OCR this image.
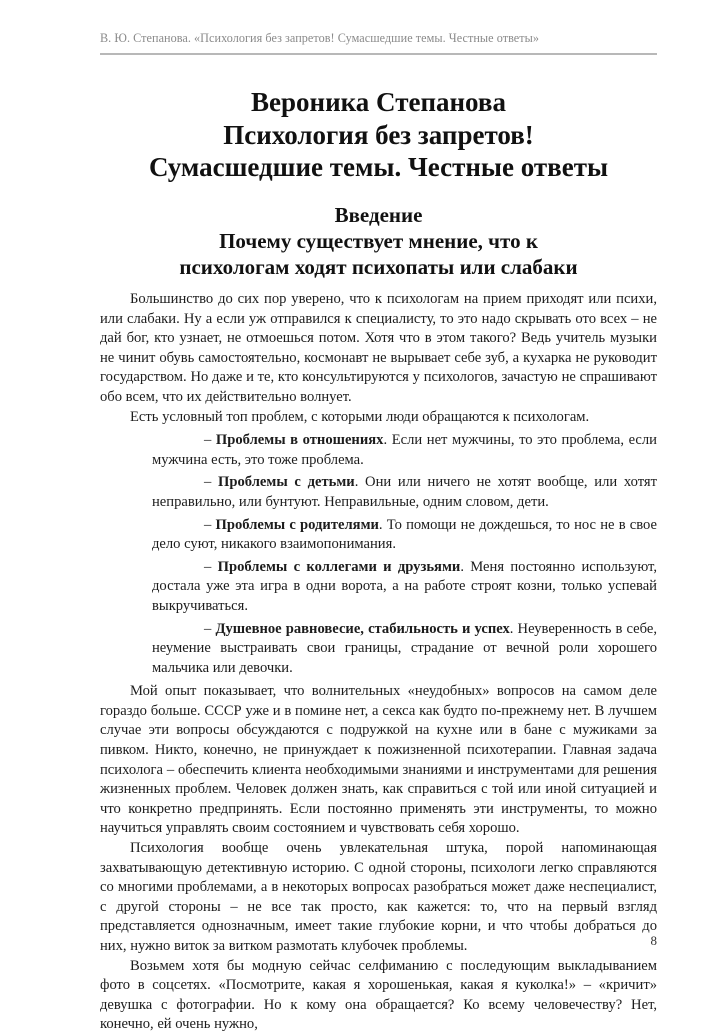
В. Ю. Степанова. «Психология без запретов! Сумасшедшие темы. Честные ответы»
Вероника Степанова
Психология без запретов!
Сумасшедшие темы. Честные ответы
Введение
Почему существует мнение, что к
психологам ходят психопаты или слабаки

Большинство до сих пор уверено, что к психологам на прием приходят или психи, или слабаки. Ну а если уж отправился к специалисту, то это надо скрывать ото всех – не дай бог, кто узнает, не отмоешься потом. Хотя что в этом такого? Ведь учитель музыки не чинит обувь самостоятельно, космонавт не вырывает себе зуб, а кухарка не руководит государством. Но даже и те, кто консультируются у психологов, зачастую не спрашивают обо всем, что их действительно волнует.

Есть условный топ проблем, с которыми люди обращаются к психологам.

– Проблемы в отношениях. Если нет мужчины, то это проблема, если мужчина есть, это тоже проблема.

– Проблемы с детьми. Они или ничего не хотят вообще, или хотят неправильно, или бунтуют. Неправильные, одним словом, дети.

– Проблемы с родителями. То помощи не дождешься, то нос не в свое дело суют, никакого взаимопонимания.

– Проблемы с коллегами и друзьями. Меня постоянно используют, достала уже эта игра в одни ворота, а на работе строят козни, только успевай выкручиваться.

– Душевное равновесие, стабильность и успех. Неуверенность в себе, неумение выстраивать свои границы, страдание от вечной роли хорошего мальчика или девочки.

Мой опыт показывает, что волнительных «неудобных» вопросов на самом деле гораздо больше. СССР уже и в помине нет, а секса как будто по-прежнему нет. В лучшем случае эти вопросы обсуждаются с подружкой на кухне или в бане с мужиками за пивком. Никто, конечно, не принуждает к пожизненной психотерапии. Главная задача психолога – обеспечить клиента необходимыми знаниями и инструментами для решения жизненных проблем. Человек должен знать, как справиться с той или иной ситуацией и что конкретно предпринять. Если постоянно применять эти инструменты, то можно научиться управлять своим состоянием и чувствовать себя хорошо.

Психология вообще очень увлекательная штука, порой напоминающая захватывающую детективную историю. С одной стороны, психологи легко справляются со многими проблемами, а в некоторых вопросах разобраться может даже неспециалист, с другой стороны – не все так просто, как кажется: то, что на первый взгляд представляется однозначным, имеет такие глубокие корни, и что чтобы добраться до них, нужно виток за витком размотать клубочек проблемы.

Возьмем хотя бы модную сейчас селфиманию с последующим выкладыванием фото в соцсетях. «Посмотрите, какая я хорошенькая, какая я куколка!» – «кричит» девушка с фотографии. Но к кому она обращается? Ко всему человечеству? Нет, конечно, ей очень нужно,

8
